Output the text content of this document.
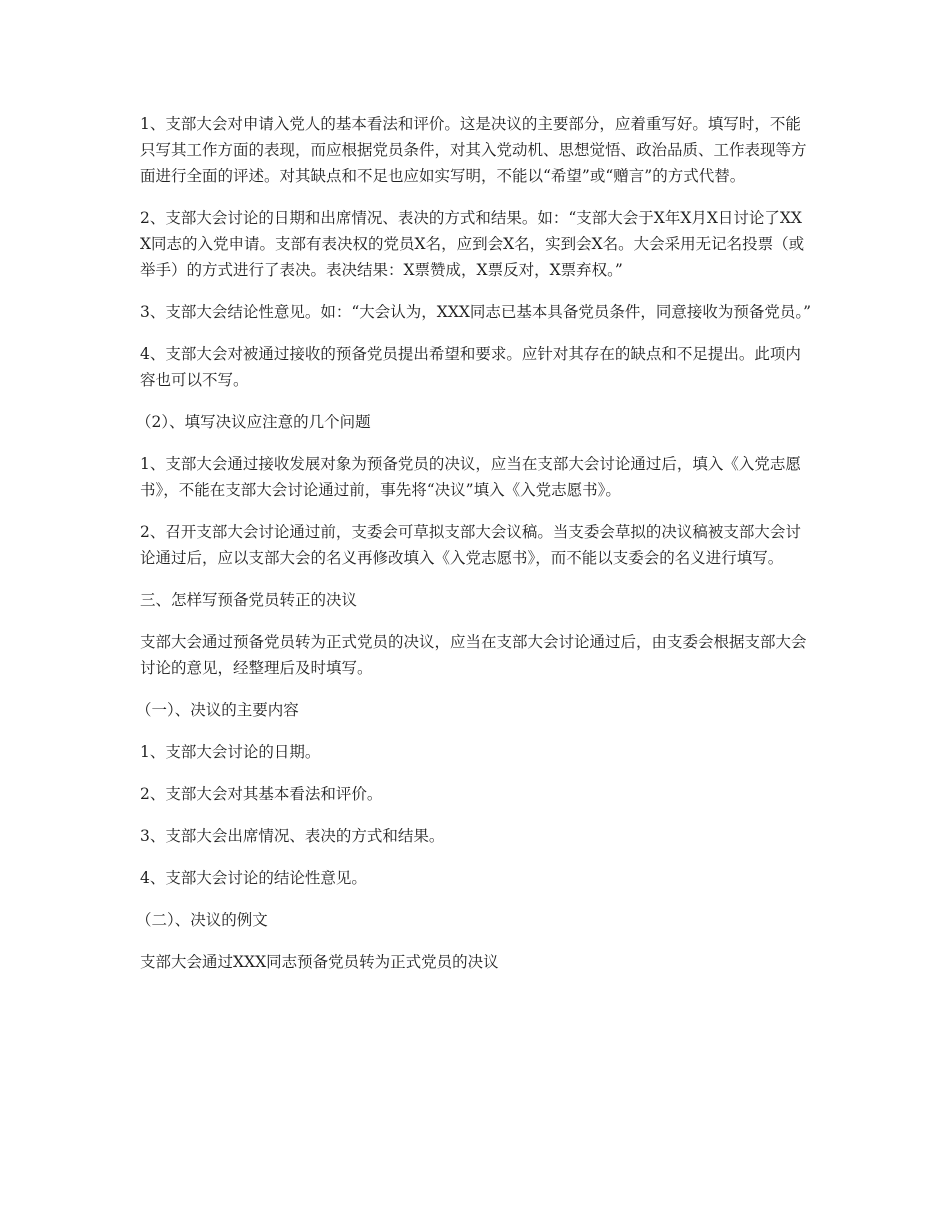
1、支部大会对申请入党人的基本看法和评价。这是决议的主要部分，应着重写好。填写时，不能只写其工作方面的表现，而应根据党员条件，对其入党动机、思想觉悟、政治品质、工作表现等方面进行全面的评述。对其缺点和不足也应如实写明，不能以“希望”或“赠言”的方式代替。

2、支部大会讨论的日期和出席情况、表决的方式和结果。如：“支部大会于X年X月X日讨论了XXX同志的入党申请。支部有表决权的党员X名，应到会X名，实到会X名。大会采用无记名投票（或举手）的方式进行了表决。表决结果：X票赞成，X票反对，X票弃权。”

3、支部大会结论性意见。如：“大会认为，XXX同志已基本具备党员条件，同意接收为预备党员。”

4、支部大会对被通过接收的预备党员提出希望和要求。应针对其存在的缺点和不足提出。此项内容也可以不写。

（2）、填写决议应注意的几个问题

1、支部大会通过接收发展对象为预备党员的决议，应当在支部大会讨论通过后，填入《入党志愿书》，不能在支部大会讨论通过前，事先将“决议”填入《入党志愿书》。

2、召开支部大会讨论通过前，支委会可草拟支部大会议稿。当支委会草拟的决议稿被支部大会讨论通过后，应以支部大会的名义再修改填入《入党志愿书》，而不能以支委会的名义进行填写。

三、怎样写预备党员转正的决议

支部大会通过预备党员转为正式党员的决议，应当在支部大会讨论通过后，由支委会根据支部大会讨论的意见，经整理后及时填写。

（一）、决议的主要内容

1、支部大会讨论的日期。

2、支部大会对其基本看法和评价。

3、支部大会出席情况、表决的方式和结果。

4、支部大会讨论的结论性意见。

（二）、决议的例文

支部大会通过XXX同志预备党员转为正式党员的决议
